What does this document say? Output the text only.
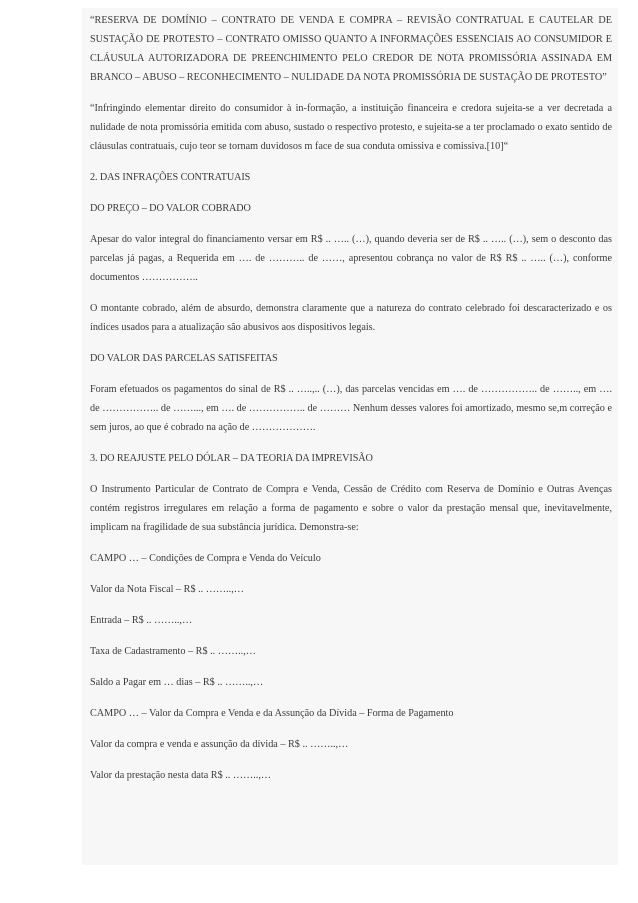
“RESERVA DE DOMÍNIO – CONTRATO DE VENDA E COMPRA – REVISÃO CONTRATUAL E CAUTELAR DE SUSTAÇÃO DE PROTESTO – CONTRATO OMISSO QUANTO A INFORMAÇÕES ESSENCIAIS AO CONSUMIDOR E CLÁUSULA AUTORIZADORA DE PREENCHIMENTO PELO CREDOR DE NOTA PROMISSÓRIA ASSINADA EM BRANCO – ABUSO – RECONHECIMENTO – NULIDADE DA NOTA PROMISSÓRIA DE SUSTAÇÃO DE PROTESTO”

“Infringindo elementar direito do consumidor à in-formação, a instituição financeira e credora sujeita-se a ver decretada a nulidade de nota promissória emitida com abuso, sustado o respectivo protesto, e sujeita-se a ter proclamado o exato sentido de cláusulas contratuais, cujo teor se tornam duvidosos m face de sua conduta omissiva e comissiva.[10]“

2. DAS INFRAÇÕES CONTRATUAIS

DO PREÇO – DO VALOR COBRADO

Apesar do valor integral do financiamento versar em R$ .. ….. (…), quando deveria ser de R$ .. ….. (…), sem o desconto das parcelas já pagas, a Requerida em …. de ……….. de ……, apresentou cobrança no valor de R$ R$ .. ….. (…), conforme documentos ……………..

O montante cobrado, além de absurdo, demonstra claramente que a natureza do contrato celebrado foi descaracterizado e os índices usados para a atualização são abusivos aos dispositivos legais.

DO VALOR DAS PARCELAS SATISFEITAS

Foram efetuados os pagamentos do sinal de R$ .. …..,.. (…), das parcelas vencidas em …. de …………….. de …….., em …. de …………….. de ……..., em …. de …………….. de ……… Nenhum desses valores foi amortizado, mesmo se,m correção e sem juros, ao que é cobrado na ação de ……………….

3. DO REAJUSTE PELO DÓLAR – DA TEORIA DA IMPREVISÃO

O Instrumento Particular de Contrato de Compra e Venda, Cessão de Crédito com Reserva de Domínio e Outras Avenças contém registros irregulares em relação a forma de pagamento e sobre o valor da prestação mensal que, inevitavelmente, implicam na fragilidade de sua substância jurídica. Demonstra-se:

CAMPO … – Condições de Compra e Venda do Veículo

Valor da Nota Fiscal – R$ .. ……..,…

Entrada – R$ .. ……..,…

Taxa de Cadastramento – R$ .. ……..,…

Saldo a Pagar em … dias – R$ .. ……..,…

CAMPO … – Valor da Compra e Venda e da Assunção da Dívida – Forma de Pagamento

Valor da compra e venda e assunção da dívida – R$ .. ……..,…

Valor da prestação nesta data R$ .. ……..,…
